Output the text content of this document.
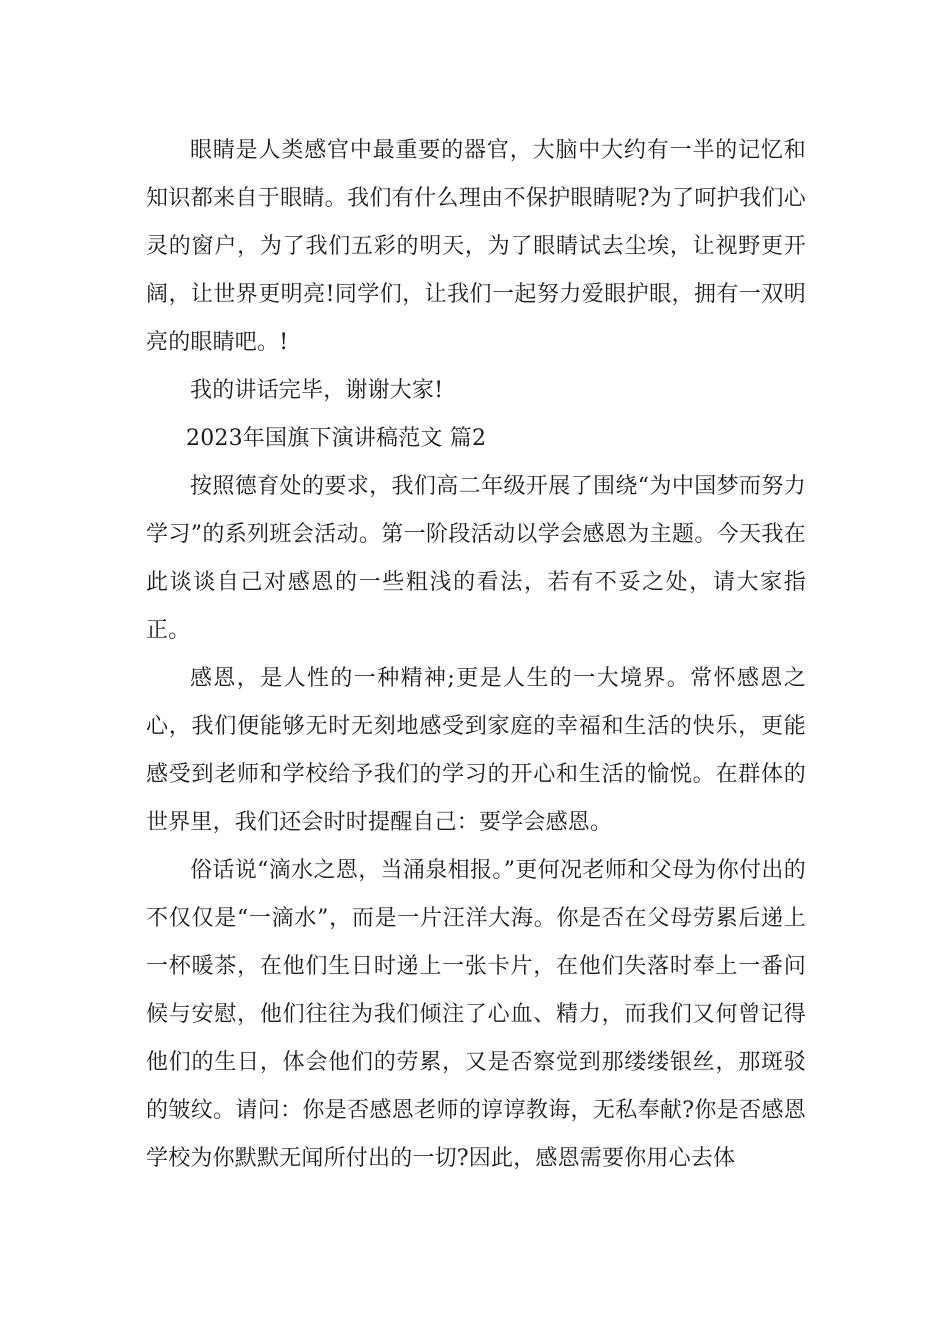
眼睛是人类感官中最重要的器官，大脑中大约有一半的记忆和知识都来自于眼睛。我们有什么理由不保护眼睛呢?为了呵护我们心灵的窗户，为了我们五彩的明天，为了眼睛试去尘埃，让视野更开阔，让世界更明亮!同学们，让我们一起努力爱眼护眼，拥有一双明亮的眼睛吧。!

我的讲话完毕，谢谢大家!

2023年国旗下演讲稿范文 篇2

按照德育处的要求，我们高二年级开展了围绕“为中国梦而努力学习”的系列班会活动。第一阶段活动以学会感恩为主题。今天我在此谈谈自己对感恩的一些粗浅的看法，若有不妥之处，请大家指正。

感恩，是人性的一种精神;更是人生的一大境界。常怀感恩之心，我们便能够无时无刻地感受到家庭的幸福和生活的快乐，更能感受到老师和学校给予我们的学习的开心和生活的愉悦。在群体的世界里，我们还会时时提醒自己：要学会感恩。

俗话说“滴水之恩，当涌泉相报。”更何况老师和父母为你付出的不仅仅是“一滴水”，而是一片汪洋大海。你是否在父母劳累后递上一杯暖茶，在他们生日时递上一张卡片，在他们失落时奉上一番问候与安慰，他们往往为我们倾注了心血、精力，而我们又何曾记得他们的生日，体会他们的劳累，又是否察觉到那缕缕银丝，那斑驳的皱纹。请问：你是否感恩老师的谆谆教诲，无私奉献?你是否感恩学校为你默默无闻所付出的一切?因此，感恩需要你用心去体
